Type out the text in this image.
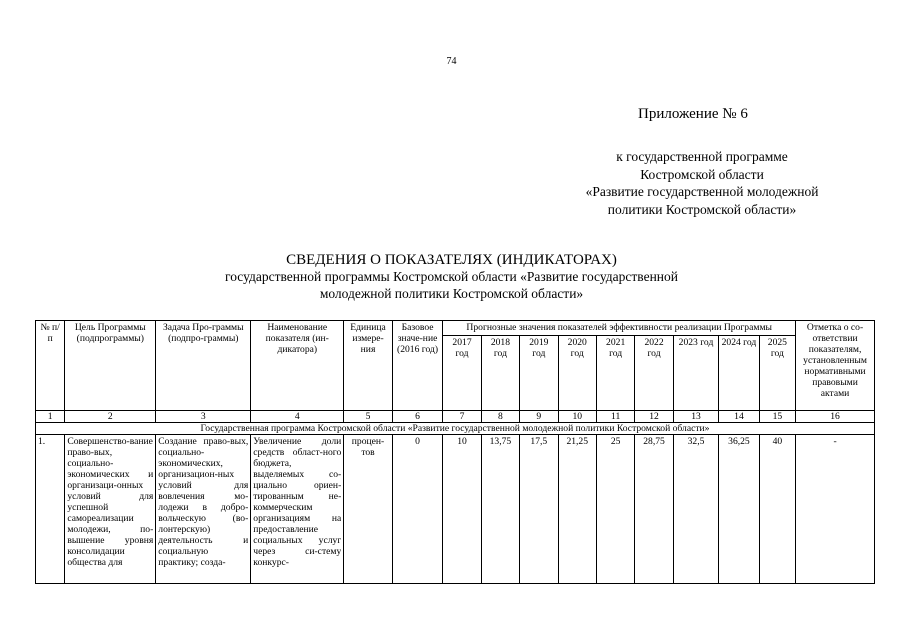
74
Приложение № 6
к государственной программе
Костромской области
«Развитие государственной молодежной
политики Костромской области»
СВЕДЕНИЯ О ПОКАЗАТЕЛЯХ (ИНДИКАТОРАХ)
государственной программы Костромской области «Развитие государственной
молодежной политики Костромской области»
№ п/п	Цель Программы (подпрограммы)	Задача Про-граммы (подпро-граммы)	Наименование показателя (ин-дикатора)	Единица измере-ния	Базовое значе-ние (2016 год)	Прогнозные значения показателей эффективности реализации Программы									Отметка о со-ответствии показателям, установленным нормативными правовыми актами
						2017 год	2018 год	2019 год	2020 год	2021 год	2022 год	2023 год	2024 год	2025 год	
1	2	3	4	5	6	7	8	9	10	11	12	13	14	15	16
Государственная программа Костромской области «Развитие государственной молодежной политики Костромской области»															
1.	Совершенство-вание право-вых, социально-экономических и организаци-онных условий для успешной самореализации молодежи, по-вышение уровня консолидации общества для	Создание право-вых, социально-экономических, организацион-ных условий для вовлечения мо-лодежи в добро-вольческую (во-лонтерскую) деятельность и социальную практику; созда-	Увеличение доли средств област-ного бюджета, выделяемых со-циально ориен-тированным не-коммерческим организациям на предоставление социальных услуг через си-стему конкурс-	процен-тов	0	10	13,75	17,5	21,25	25	28,75	32,5	36,25	40	-
